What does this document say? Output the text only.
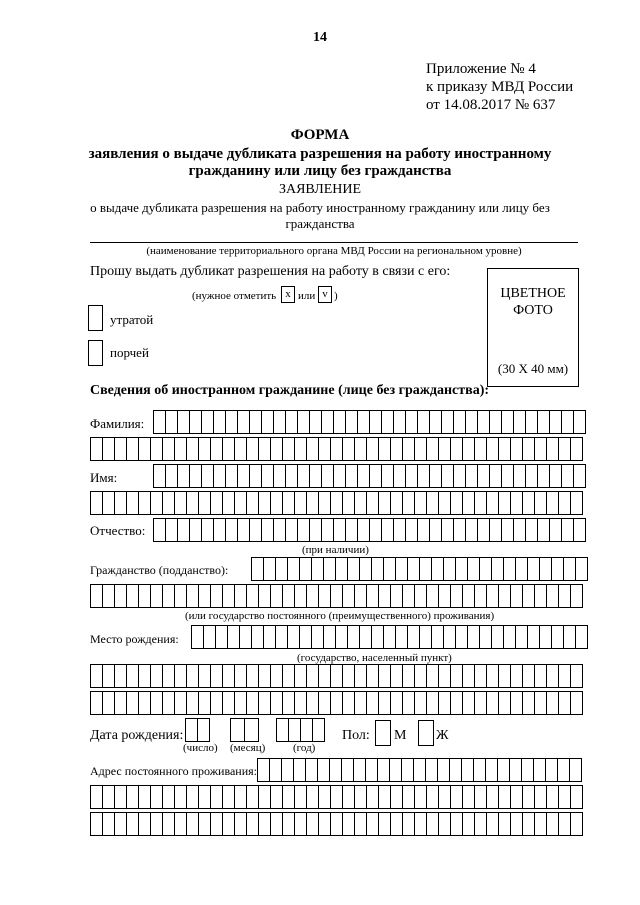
14
Приложение № 4
к приказу МВД России
от 14.08.2017 № 637
ФОРМА
заявления о выдаче дубликата разрешения на работу иностранному
гражданину или лицу без гражданства
ЗАЯВЛЕНИЕ
о выдаче дубликата разрешения на работу иностранному гражданину или лицу без
гражданства
(наименование территориального органа МВД России на региональном уровне)
Прошу выдать дубликат разрешения на работу в связи с его:
(нужное отметить x или v )
утратой
порчей
ЦВЕТНОЕ
ФОТО
(30 X 40 мм)
Сведения об иностранном гражданине (лице без гражданства):
Фамилия:
Имя:
Отчество:
(при наличии)
Гражданство (подданство):
(или государство постоянного (преимущественного) проживания)
Место рождения:
(государство, населенный пункт)
Дата рождения:
(число) (месяц)	(год)
Пол: М Ж
Адрес постоянного проживания:
